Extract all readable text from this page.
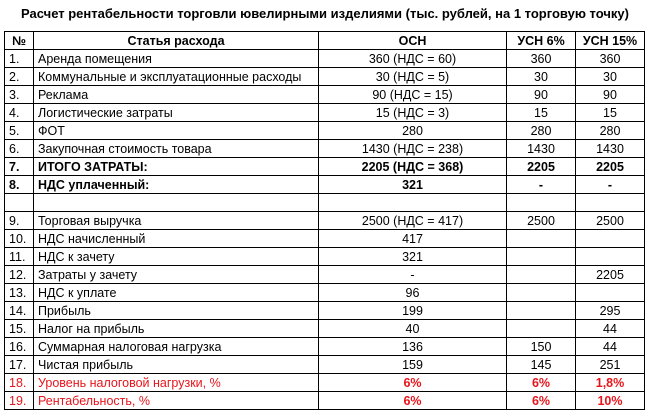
Расчет рентабельности торговли ювелирными изделиями (тыс. рублей, на 1 торговую точку)
№	Статья расхода	ОСН	УСН 6%	УСН 15%
1.	Аренда помещения	360 (НДС = 60)	360	360
2.	Коммунальные и эксплуатационные расходы	30 (НДС = 5)	30	30
3.	Реклама	90 (НДС = 15)	90	90
4.	Логистические затраты	15 (НДС = 3)	15	15
5.	ФОТ	280	280	280
6.	Закупочная стоимость товара	1430 (НДС = 238)	1430	1430
7.	ИТОГО ЗАТРАТЫ:	2205 (НДС = 368)	2205	2205
8.	НДС уплаченный:	321	-	-

9.	Торговая выручка	2500 (НДС = 417)	2500	2500
10.	НДС начисленный	417		
11.	НДС к зачету	321		
12.	Затраты у зачету	-		2205
13.	НДС к уплате	96		
14.	Прибыль	199		295
15.	Налог на прибыль	40		44
16.	Суммарная налоговая нагрузка	136	150	44
17.	Чистая прибыль	159	145	251
18.	Уровень налоговой нагрузки, %	6%	6%	1,8%
19.	Рентабельность, %	6%	6%	10%
